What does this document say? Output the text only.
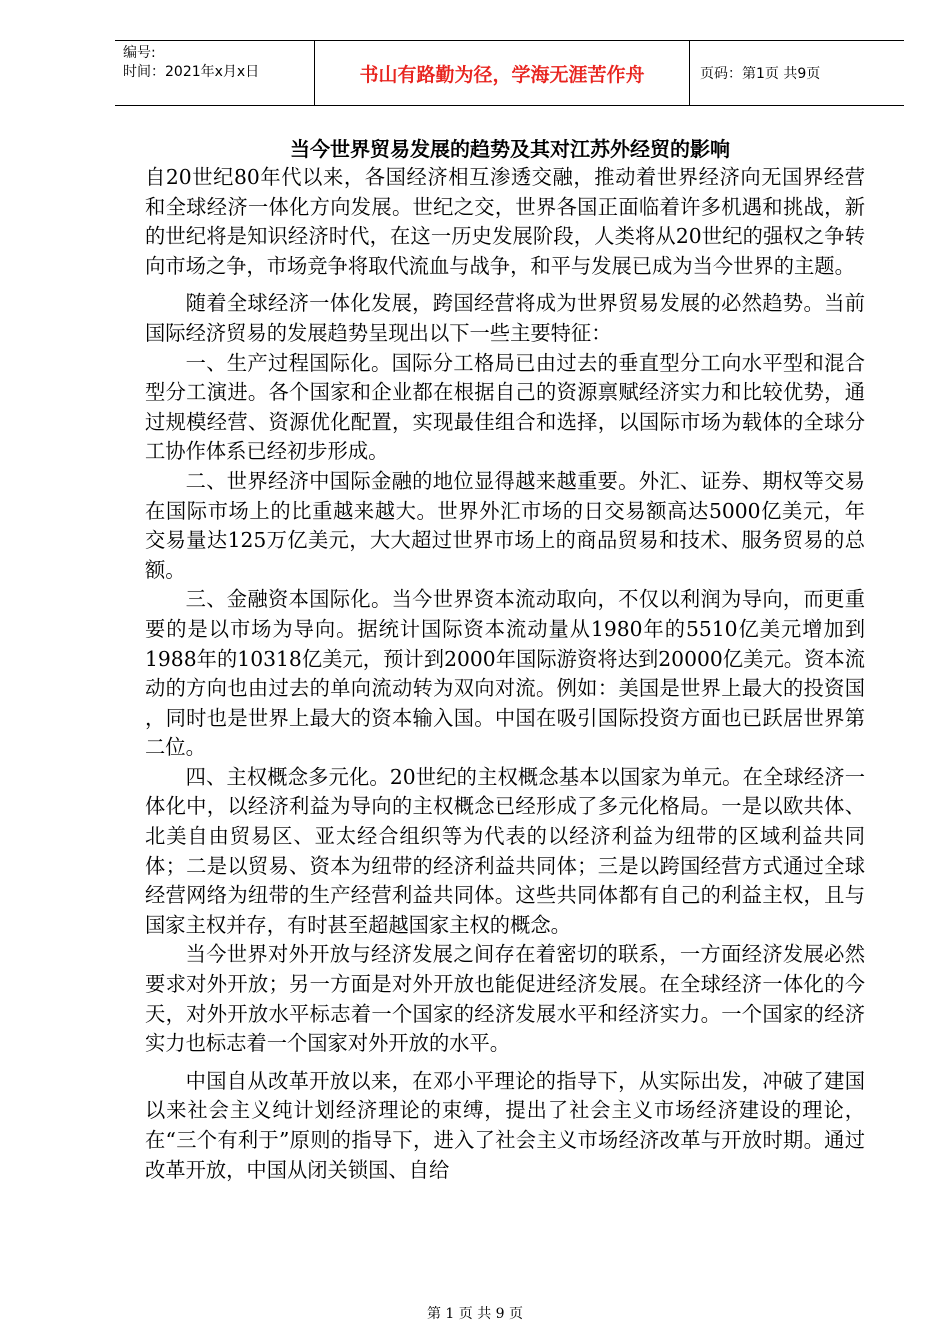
编号:
时间：2021年x月x日	书山有路勤为径，学海无涯苦作舟	页码：第1页 共9页
当今世界贸易发展的趋势及其对江苏外经贸的影响

自20世纪80年代以来，各国经济相互渗透交融，推动着世界经济向无国界经营和全球经济一体化方向发展。世纪之交，世界各国正面临着许多机遇和挑战，新的世纪将是知识经济时代，在这一历史发展阶段，人类将从20世纪的强权之争转向市场之争，市场竞争将取代流血与战争，和平与发展已成为当今世界的主题。

随着全球经济一体化发展，跨国经营将成为世界贸易发展的必然趋势。当前国际经济贸易的发展趋势呈现出以下一些主要特征：

一、生产过程国际化。国际分工格局已由过去的垂直型分工向水平型和混合型分工演进。各个国家和企业都在根据自己的资源禀赋经济实力和比较优势，通过规模经营、资源优化配置，实现最佳组合和选择，以国际市场为载体的全球分工协作体系已经初步形成。

二、世界经济中国际金融的地位显得越来越重要。外汇、证券、期权等交易在国际市场上的比重越来越大。世界外汇市场的日交易额高达5000亿美元，年交易量达125万亿美元，大大超过世界市场上的商品贸易和技术、服务贸易的总额。

三、金融资本国际化。当今世界资本流动取向，不仅以利润为导向，而更重要的是以市场为导向。据统计国际资本流动量从1980年的5510亿美元增加到1988年的10318亿美元，预计到2000年国际游资将达到20000亿美元。资本流动的方向也由过去的单向流动转为双向对流。例如：美国是世界上最大的投资国 ，同时也是世界上最大的资本输入国。中国在吸引国际投资方面也已跃居世界第二位。

四、主权概念多元化。20世纪的主权概念基本以国家为单元。在全球经济一体化中，以经济利益为导向的主权概念已经形成了多元化格局。一是以欧共体、北美自由贸易区、亚太经合组织等为代表的以经济利益为纽带的区域利益共同体；二是以贸易、资本为纽带的经济利益共同体；三是以跨国经营方式通过全球经营网络为纽带的生产经营利益共同体。这些共同体都有自己的利益主权，且与国家主权并存，有时甚至超越国家主权的概念。

当今世界对外开放与经济发展之间存在着密切的联系，一方面经济发展必然要求对外开放；另一方面是对外开放也能促进经济发展。在全球经济一体化的今天，对外开放水平标志着一个国家的经济发展水平和经济实力。一个国家的经济实力也标志着一个国家对外开放的水平。

中国自从改革开放以来，在邓小平理论的指导下，从实际出发，冲破了建国以来社会主义纯计划经济理论的束缚，提出了社会主义市场经济建设的理论，在“三个有利于”原则的指导下，进入了社会主义市场经济改革与开放时期。通过改革开放，中国从闭关锁国、自给

第 1 页 共 9 页
